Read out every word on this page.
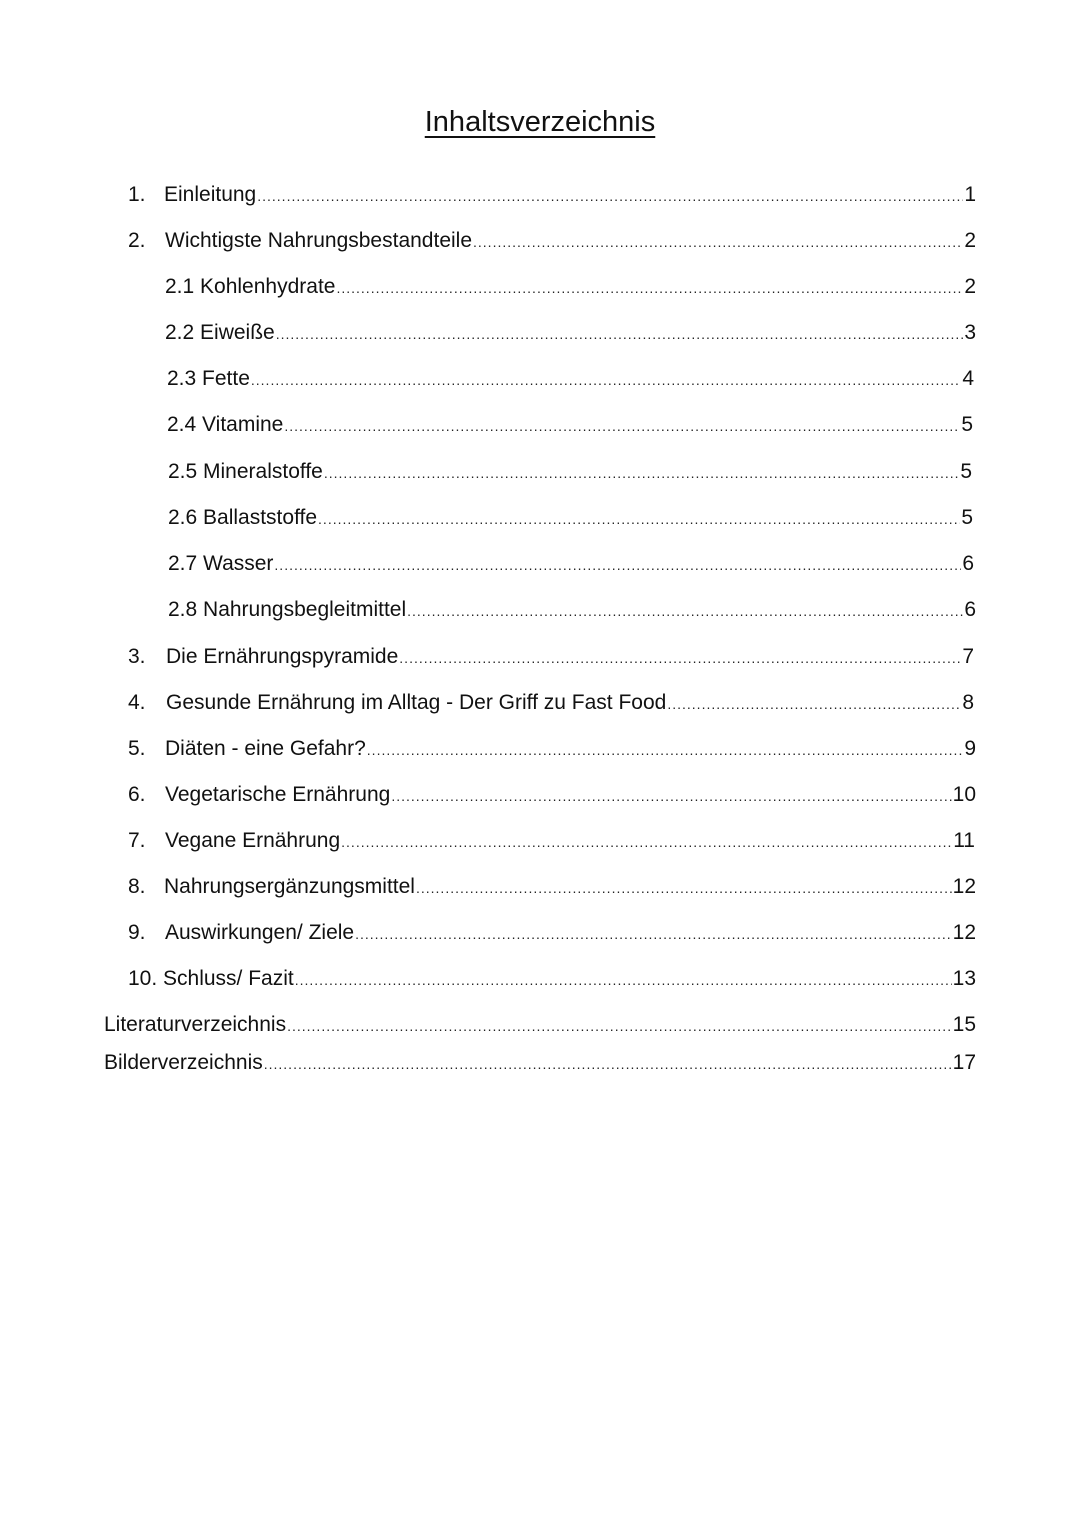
Inhaltsverzeichnis
1. Einleitung .....	1
2. Wichtigste Nahrungsbestandteile .....	2
2.1 Kohlenhydrate .....	2
2.2 Eiweiße .....	3
2.3 Fette .....	4
2.4 Vitamine .....	5
2.5 Mineralstoffe .....	5
2.6 Ballaststoffe .....	5
2.7 Wasser .....	6
2.8 Nahrungsbegleitmittel .....	6
3. Die Ernährungspyramide .....	7
4. Gesunde Ernährung im Alltag - Der Griff zu Fast Food .....	8
5. Diäten - eine Gefahr? .....	9
6. Vegetarische Ernährung .....	10
7. Vegane Ernährung .....	11
8. Nahrungsergänzungsmittel .....	12
9. Auswirkungen/ Ziele .....	12
10. Schluss/ Fazit .....	13
Literaturverzeichnis .....	15
Bilderverzeichnis .....	17
